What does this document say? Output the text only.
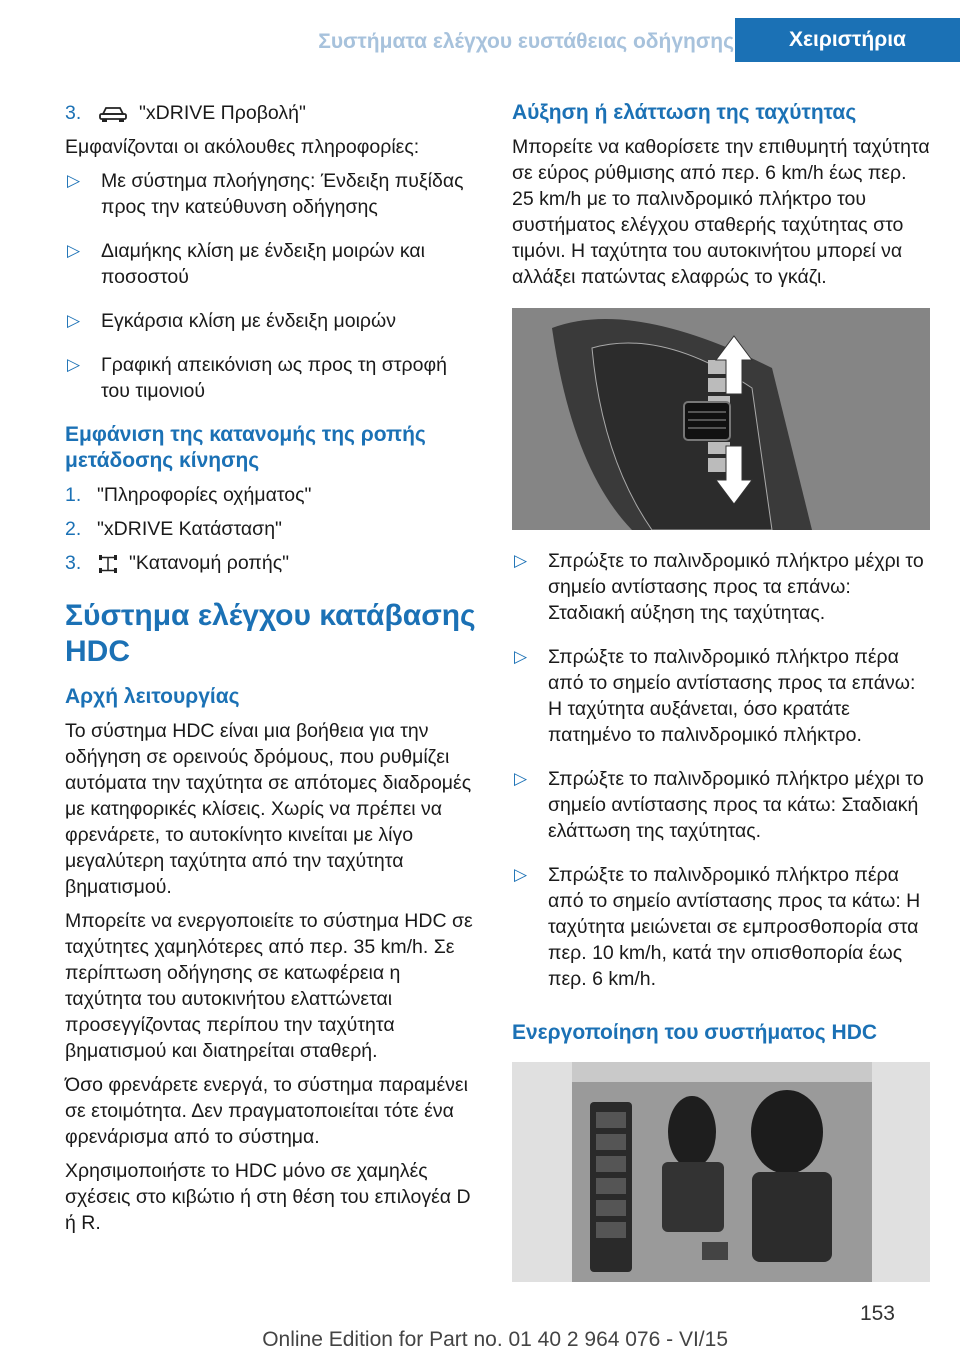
Συστήματα ελέγχου ευστάθειας οδήγησης	Χειριστήρια
3.	"xDRIVE Προβολή"

Εμφανίζονται οι ακόλουθες πληροφορίες:

▷	Με σύστημα πλοήγησης: Ένδειξη πυξίδας προς την κατεύθυνση οδήγησης
▷	Διαμήκης κλίση με ένδειξη μοιρών και ποσοστού
▷	Εγκάρσια κλίση με ένδειξη μοιρών
▷	Γραφική απεικόνιση ως προς τη στροφή του τιμονιού
Εμφάνιση της κατανομής της ροπής μετάδοσης κίνησης
1. "Πληροφορίες οχήματος"
2. "xDRIVE Κατάσταση"
3.	"Κατανομή ροπής"
Σύστημα ελέγχου κατάβασης HDC
Αρχή λειτουργίας

Το σύστημα HDC είναι μια βοήθεια για την οδήγηση σε ορεινούς δρόμους, που ρυθμίζει αυτόματα την ταχύτητα σε απότομες διαδρομές με κατηφορικές κλίσεις. Χωρίς να πρέπει να φρενάρετε, το αυτοκίνητο κινείται με λίγο μεγαλύτερη ταχύτητα από την ταχύτητα βηματισμού.

Μπορείτε να ενεργοποιείτε το σύστημα HDC σε ταχύτητες χαμηλότερες από περ. 35 km/h. Σε περίπτωση οδήγησης σε κατωφέρεια η ταχύτητα του αυτοκινήτου ελαττώνεται προσεγγίζοντας περίπου την ταχύτητα βηματισμού και διατηρείται σταθερή.

Όσο φρενάρετε ενεργά, το σύστημα παραμένει σε ετοιμότητα. Δεν πραγματοποιείται τότε ένα φρενάρισμα από το σύστημα.

Χρησιμοποιήστε το HDC μόνο σε χαμηλές σχέσεις στο κιβώτιο ή στη θέση του επιλογέα D ή R.

Αύξηση ή ελάττωση της ταχύτητας

Μπορείτε να καθορίσετε την επιθυμητή ταχύτητα σε εύρος ρύθμισης από περ. 6 km/h έως περ. 25 km/h με το παλινδρομικό πλήκτρο του συστήματος ελέγχου σταθερής ταχύτητας στο τιμόνι. Η ταχύτητα του αυτοκινήτου μπορεί να αλλάξει πατώντας ελαφρώς το γκάζι.

▷	Σπρώξτε το παλινδρομικό πλήκτρο μέχρι το σημείο αντίστασης προς τα επάνω: Σταδιακή αύξηση της ταχύτητας.
▷	Σπρώξτε το παλινδρομικό πλήκτρο πέρα από το σημείο αντίστασης προς τα επάνω: Η ταχύτητα αυξάνεται, όσο κρατάτε πατημένο το παλινδρομικό πλήκτρο.
▷	Σπρώξτε το παλινδρομικό πλήκτρο μέχρι το σημείο αντίστασης προς τα κάτω: Σταδιακή ελάττωση της ταχύτητας.
▷	Σπρώξτε το παλινδρομικό πλήκτρο πέρα από το σημείο αντίστασης προς τα κάτω: Η ταχύτητα μειώνεται σε εμπροσθοπορία στα περ. 10 km/h, κατά την οπισθοπορία έως περ. 6 km/h.
Ενεργοποίηση του συστήματος HDC
153
Online Edition for Part no. 01 40 2 964 076 - VI/15
